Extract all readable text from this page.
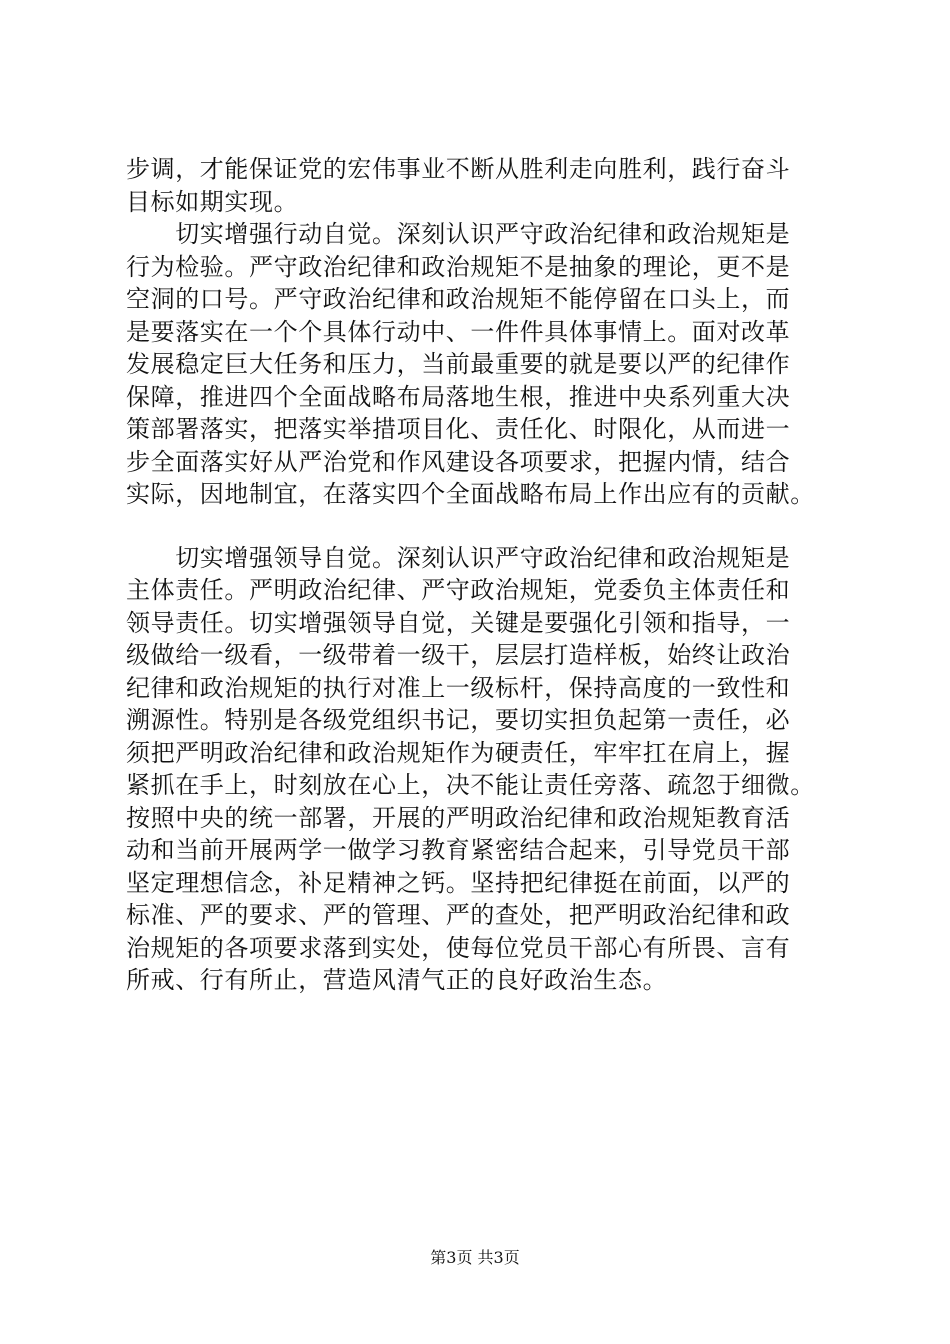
步调，才能保证党的宏伟事业不断从胜利走向胜利，践行奋斗
目标如期实现。
　　切实增强行动自觉。深刻认识严守政治纪律和政治规矩是
行为检验。严守政治纪律和政治规矩不是抽象的理论，更不是
空洞的口号。严守政治纪律和政治规矩不能停留在口头上，而
是要落实在一个个具体行动中、一件件具体事情上。面对改革
发展稳定巨大任务和压力，当前最重要的就是要以严的纪律作
保障，推进四个全面战略布局落地生根，推进中央系列重大决
策部署落实，把落实举措项目化、责任化、时限化，从而进一
步全面落实好从严治党和作风建设各项要求，把握内情，结合
实际，因地制宜，在落实四个全面战略布局上作出应有的贡献。
　　切实增强领导自觉。深刻认识严守政治纪律和政治规矩是
主体责任。严明政治纪律、严守政治规矩，党委负主体责任和
领导责任。切实增强领导自觉，关键是要强化引领和指导，一
级做给一级看，一级带着一级干，层层打造样板，始终让政治
纪律和政治规矩的执行对准上一级标杆，保持高度的一致性和
溯源性。特别是各级党组织书记，要切实担负起第一责任，必
须把严明政治纪律和政治规矩作为硬责任，牢牢扛在肩上，握
紧抓在手上，时刻放在心上，决不能让责任旁落、疏忽于细微。
按照中央的统一部署，开展的严明政治纪律和政治规矩教育活
动和当前开展两学一做学习教育紧密结合起来，引导党员干部
坚定理想信念，补足精神之钙。坚持把纪律挺在前面，以严的
标准、严的要求、严的管理、严的查处，把严明政治纪律和政
治规矩的各项要求落到实处，使每位党员干部心有所畏、言有
所戒、行有所止，营造风清气正的良好政治生态。
第3页 共3页
